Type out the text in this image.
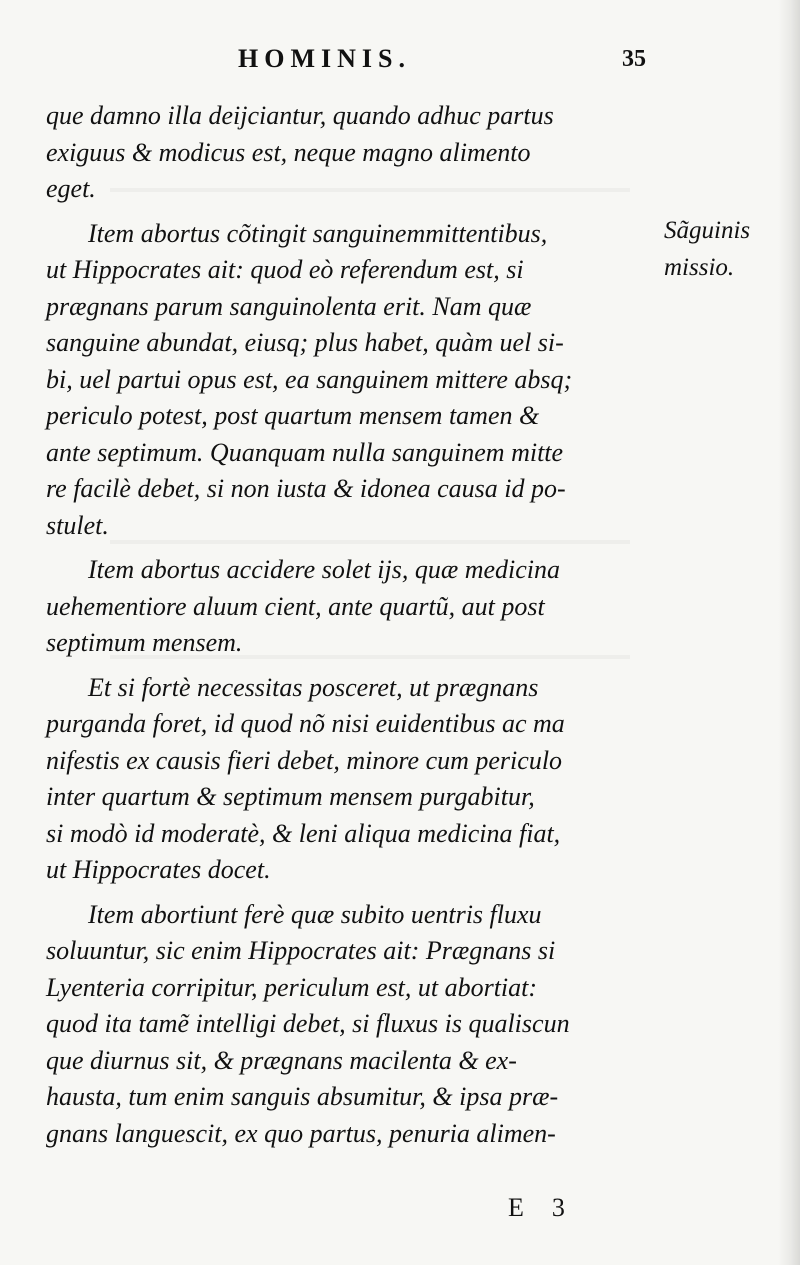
HOMINIS.	35
que damno illa deijciantur, quando adhuc partus
exiguus & modicus est, neque magno alimento
eget.
Item abortus cõtingit sanguinemmittentibus,
ut Hippocrates ait: quod eò referendum est, si
prægnans parum sanguinolenta erit. Nam quæ
sanguine abundat, eiusq; plus habet, quàm uel si-
bi, uel partui opus est, ea sanguinem mittere absq;
periculo potest, post quartum mensem tamen &
ante septimum. Quanquam nulla sanguinem mitte
re facilè debet, si non iusta & idonea causa id po-
stulet.
Item abortus accidere solet ijs, quæ medicina
uehementiore aluum cient, ante quartũ, aut post
septimum mensem.
Et si fortè necessitas posceret, ut prægnans
purganda foret, id quod nõ nisi euidentibus ac ma
nifestis ex causis fieri debet, minore cum periculo
inter quartum & septimum mensem purgabitur,
si modò id moderatè, & leni aliqua medicina fiat,
ut Hippocrates docet.
Item abortiunt ferè quæ subito uentris fluxu
soluuntur, sic enim Hippocrates ait: Prægnans si
Lyenteria corripitur, periculum est, ut abortiat:
quod ita tamẽ intelligi debet, si fluxus is qualiscun
que diurnus sit, & prægnans macilenta & ex-
hausta, tum enim sanguis absumitur, & ipsa præ-
gnans languescit, ex quo partus, penuria alimen-
Sãguinis
missio.
E3
